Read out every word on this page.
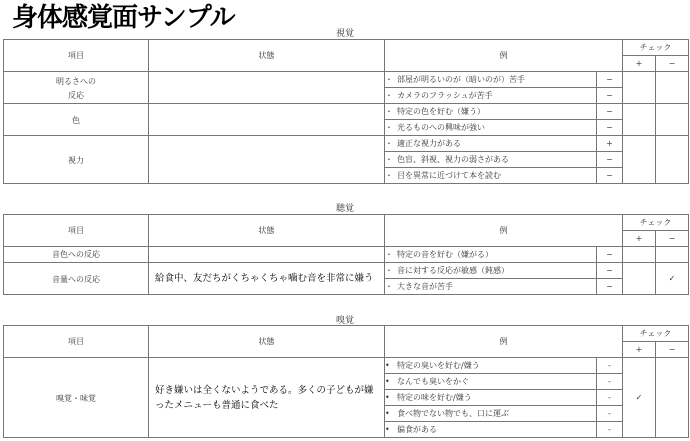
身体感覚面サンプル
視覚
項目	状態	例		チェック	
				+	−

明るさへの
反応		・ 部屋が明るいのが（暗いのが）苦手	−		
		・ カメラのフラッシュが苦手	−		

色		・ 特定の色を好む（嫌う）	−		
		・ 光るものへの興味が強い	−		

視力		・ 適正な視力がある	+		
		・ 色盲、斜視、視力の弱さがある	−		
		・ 目を異常に近づけて本を読む	−		
聴覚
項目	状態	例		チェック	
				+	−

音色への反応		・ 特定の音を好む（嫌がる）	−		

音量への反応	給食中、友だちがくちゃくちゃ噛む音を非常に嫌う	・ 音に対する反応が敏感（鈍感）	−		✓
		・ 大きな音が苦手	−		
嗅覚
項目	状態	例		チェック	
				+	−

嗅覚・味覚	好き嫌いは全くないようである。多くの子どもが嫌ったメニューも普通に食べた	• 特定の臭いを好む/嫌う	-	✓	
		• なんでも臭いをかぐ	-		
		• 特定の味を好む/嫌う	-		
		• 食べ物でない物でも、口に運ぶ	-		
		• 偏食がある	-		
